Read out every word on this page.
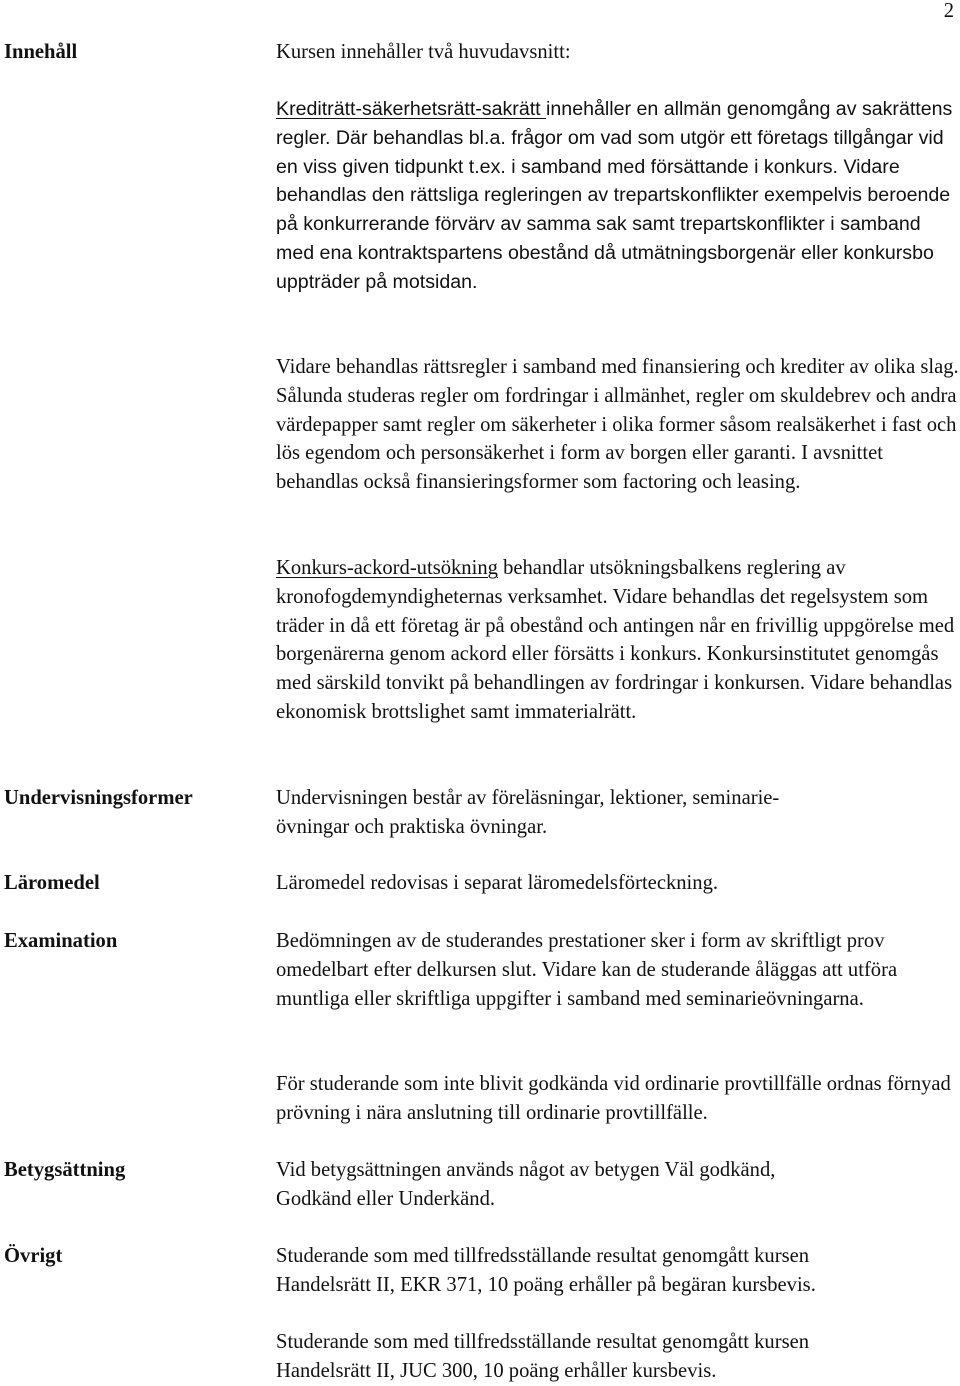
2
Innehåll	Kursen innehåller två huvudavsnitt:

Krediträtt-säkerhetsrätt-sakrätt innehåller en allmän genomgång av sakrättens regler. Där behandlas bl.a. frågor om vad som utgör ett företags tillgångar vid en viss given tidpunkt t.ex. i samband med försättande i konkurs. Vidare behandlas den rättsliga regleringen av trepartskonflikter exempelvis beroende på konkurrerande förvärv av samma sak samt trepartskonflikter i samband med ena kontraktspartens obestånd då utmätningsborgenär eller konkursbo uppträder på motsidan.

Vidare behandlas rättsregler i samband med finansiering och krediter av olika slag. Sålunda studeras regler om fordringar i allmänhet, regler om skuldebrev och andra värdepapper samt regler om säkerheter i olika former såsom realsäkerhet i fast och lös egendom och personsäkerhet i form av borgen eller garanti. I avsnittet behandlas också finansieringsformer som factoring och leasing.

Konkurs-ackord-utsökning behandlar utsökningsbalkens reglering av kronofogdemyndigheternas verksamhet. Vidare behandlas det regelsystem som träder in då ett företag är på obestånd och antingen når en frivillig uppgörelse med borgenärerna genom ackord eller försätts i konkurs. Konkursinstitutet genomgås med särskild tonvikt på behandlingen av fordringar i konkursen. Vidare behandlas ekonomisk brottslighet samt immaterialrätt.

Undervisningsformer	Undervisningen består av föreläsningar, lektioner, seminarie-
övningar och praktiska övningar.

Läromedel	Läromedel redovisas i separat läromedelsförteckning.

Examination	Bedömningen av de studerandes prestationer sker i form av skriftligt prov omedelbart efter delkursen slut. Vidare kan de studerande åläggas att utföra muntliga eller skriftliga uppgifter i samband med seminarieövningarna.

För studerande som inte blivit godkända vid ordinarie provtillfälle ordnas förnyad prövning i nära anslutning till ordinarie provtillfälle.

Betygsättning	Vid betygsättningen används något av betygen Väl godkänd,
Godkänd eller Underkänd.

Övrigt	Studerande som med tillfredsställande resultat genomgått kursen
Handelsrätt II, EKR 371, 10 poäng erhåller på begäran kursbevis.

Studerande som med tillfredsställande resultat genomgått kursen
Handelsrätt II, JUC 300, 10 poäng erhåller kursbevis.
